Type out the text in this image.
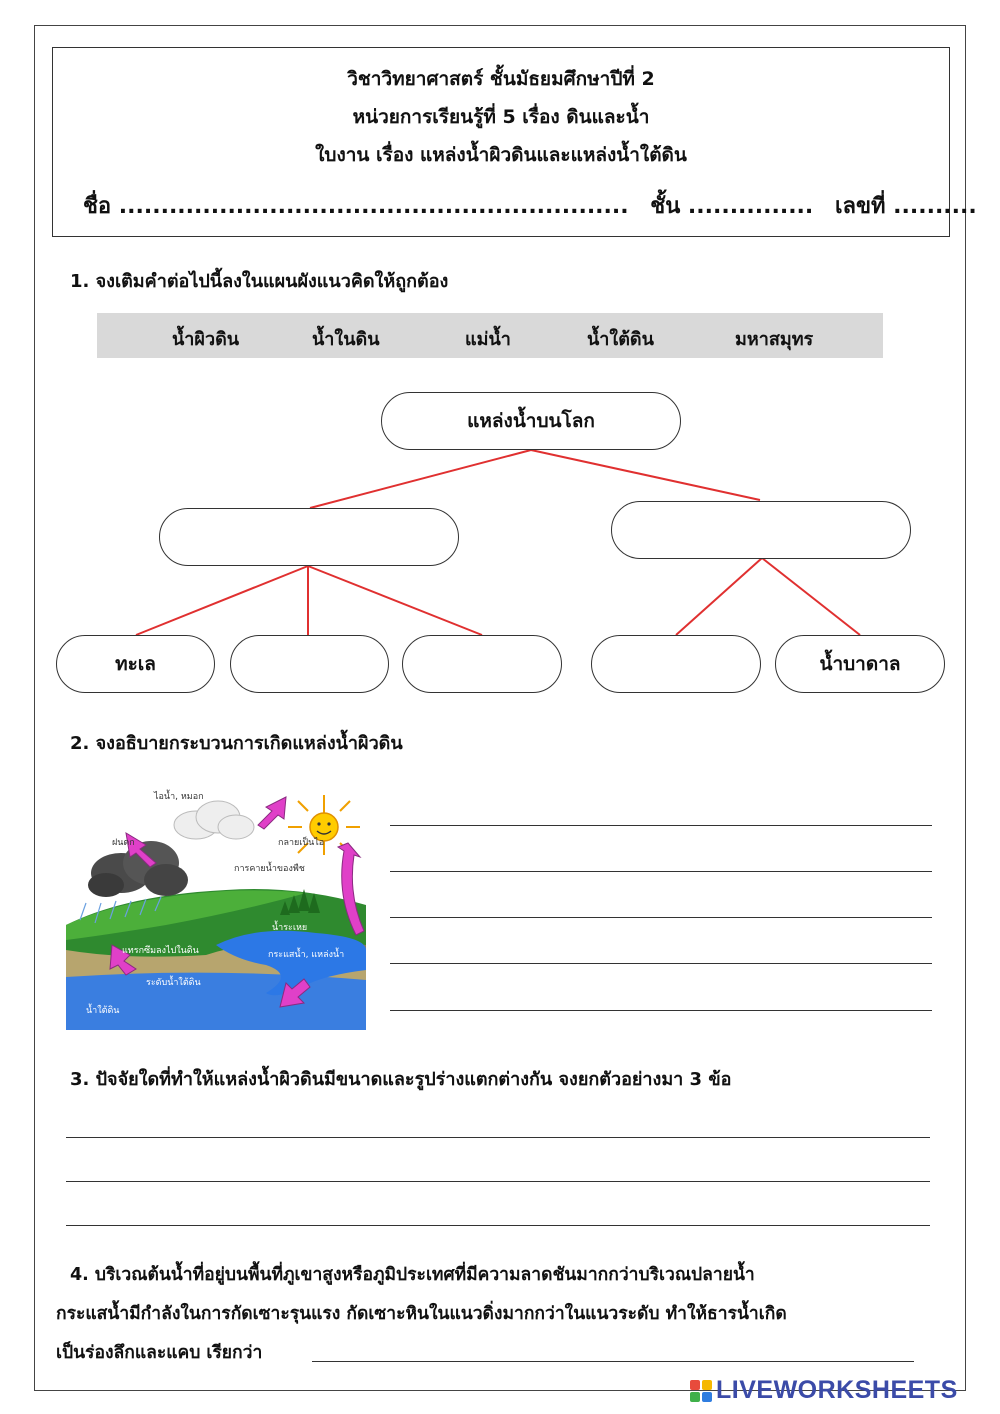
วิชาวิทยาศาสตร์ ชั้นมัธยมศึกษาปีที่ 2
หน่วยการเรียนรู้ที่ 5 เรื่อง ดินและน้ำ
ใบงาน เรื่อง แหล่งน้ำผิวดินและแหล่งน้ำใต้ดิน
ชื่อ ............................................................. ชั้น ............... เลขที่ ..........
1. จงเติมคำต่อไปนี้ลงในแผนผังแนวคิดให้ถูกต้อง
น้ำผิวดิน	น้ำในดิน	แม่น้ำ	น้ำใต้ดิน	มหาสมุทร
แหล่งน้ำบนโลก
ทะเล	น้ำบาดาล
2. จงอธิบายกระบวนการเกิดแหล่งน้ำผิวดิน
ไอน้ำ, หมอก
ฝนตก	กลายเป็นไอ
การคายน้ำของพืช
น้ำระเหย
แทรกซึมลงไปในดิน	กระแสน้ำ, แหล่งน้ำ
ระดับน้ำใต้ดิน
น้ำใต้ดิน
3. ปัจจัยใดที่ทำให้แหล่งน้ำผิวดินมีขนาดและรูปร่างแตกต่างกัน จงยกตัวอย่างมา 3 ข้อ
4. บริเวณต้นน้ำที่อยู่บนพื้นที่ภูเขาสูงหรือภูมิประเทศที่มีความลาดชันมากกว่าบริเวณปลายน้ำ
กระแสน้ำมีกำลังในการกัดเซาะรุนแรง กัดเซาะหินในแนวดิ่งมากกว่าในแนวระดับ ทำให้ธารน้ำเกิด
เป็นร่องลึกและแคบ เรียกว่า
LIVEWORKSHEETS
